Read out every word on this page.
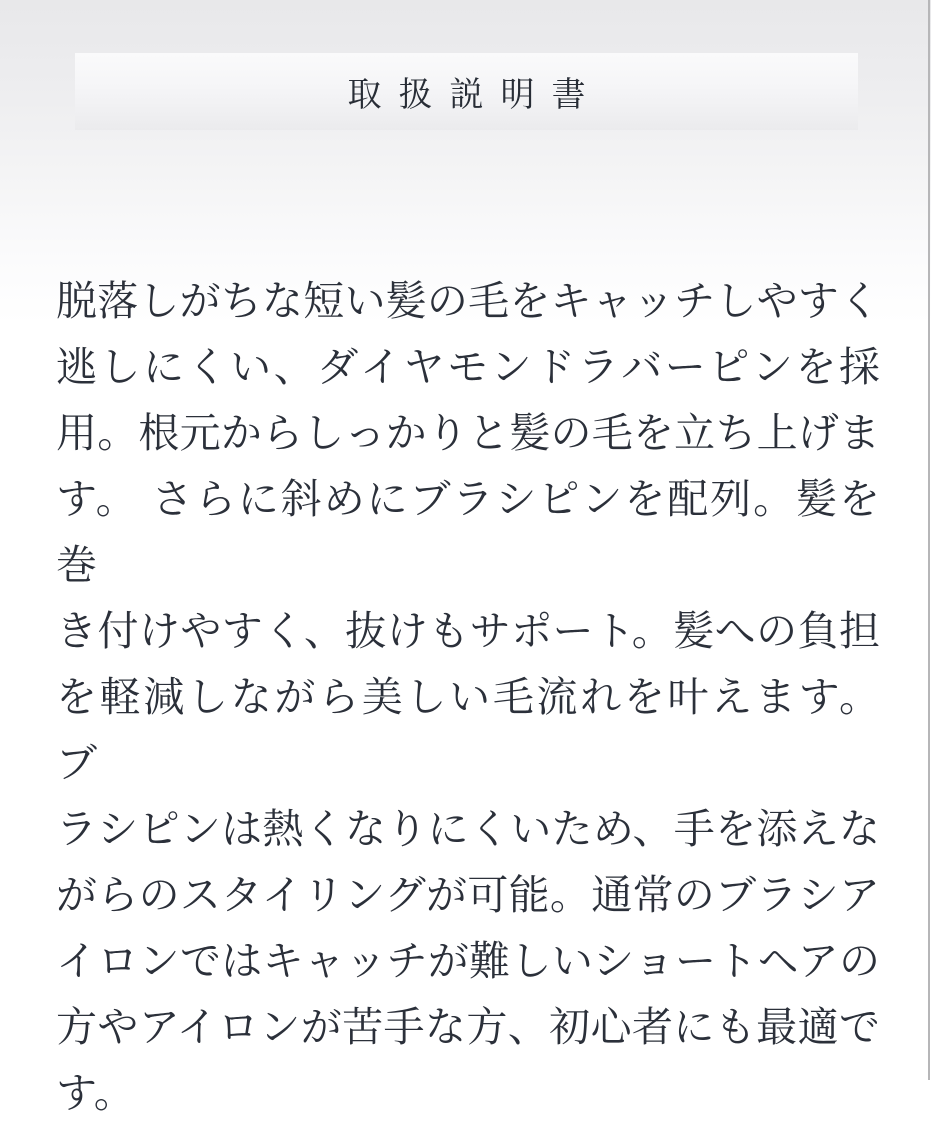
取扱説明書
脱落しがちな短い髪の毛をキャッチしやすく
逃しにくい、ダイヤモンドラバーピンを採
用。根元からしっかりと髪の毛を立ち上げま
す。 さらに斜めにブラシピンを配列。髪を巻
き付けやすく、抜けもサポート。髪への負担
を軽減しながら美しい毛流れを叶えます。 ブ
ラシピンは熱くなりにくいため、手を添えな
がらのスタイリングが可能。通常のブラシア
イロンではキャッチが難しいショートヘアの
方やアイロンが苦手な方、初心者にも最適で
す。
